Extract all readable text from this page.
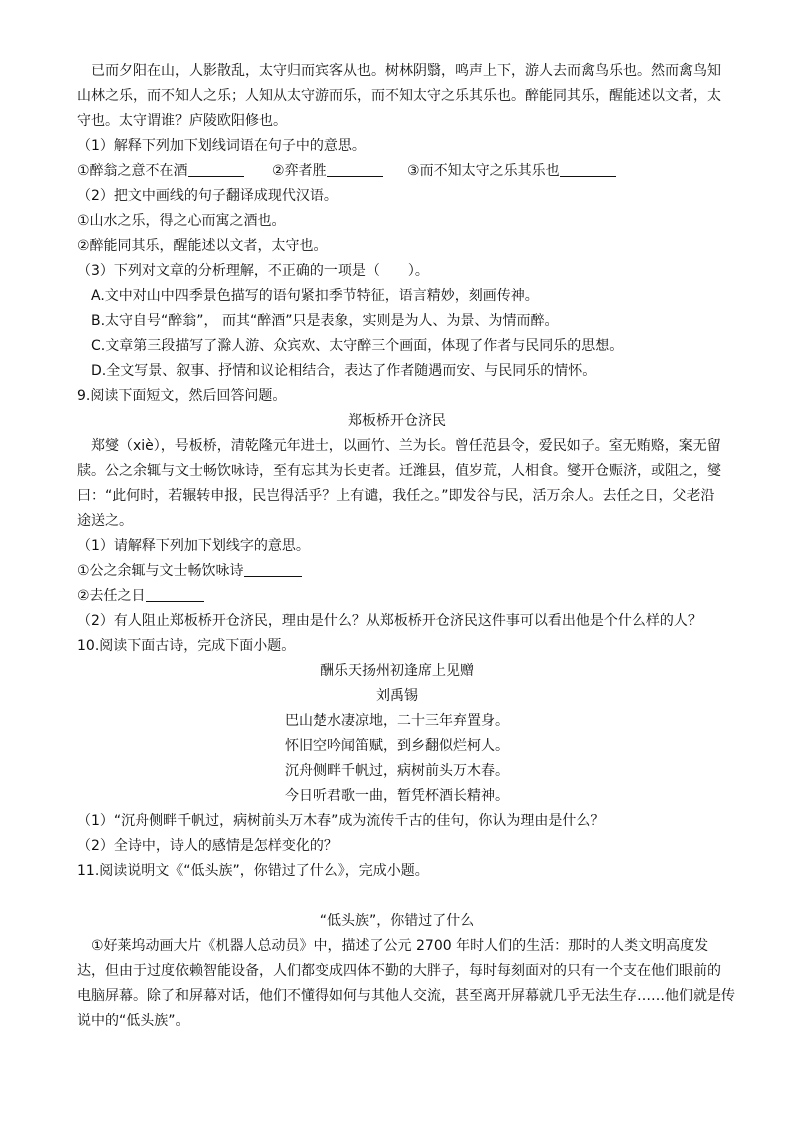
已而夕阳在山，人影散乱，太守归而宾客从也。树林阴翳，鸣声上下，游人去而禽鸟乐也。然而禽鸟知
山林之乐，而不知人之乐；人知从太守游而乐，而不知太守之乐其乐也。醉能同其乐，醒能述以文者，太
守也。太守谓谁？庐陵欧阳修也。
（1）解释下列加下划线词语在句子中的意思。
①醉翁之意不在酒	②弈者胜	③而不知太守之乐其乐也
（2）把文中画线的句子翻译成现代汉语。
①山水之乐，得之心而寓之酒也。
②醉能同其乐，醒能述以文者，太守也。
（3）下列对文章的分析理解，不正确的一项是（　　）。
A.文中对山中四季景色描写的语句紧扣季节特征，语言精妙，刻画传神。
B.太守自号“醉翁”， 而其“醉酒”只是表象，实则是为人、为景、为情而醉。
C.文章第三段描写了滁人游、众宾欢、太守醉三个画面，体现了作者与民同乐的思想。
D.全文写景、叙事、抒情和议论相结合，表达了作者随遇而安、与民同乐的情怀。
9.阅读下面短文，然后回答问题。
郑板桥开仓济民
郑燮（xiè），号板桥，清乾隆元年进士，以画竹、兰为长。曾任范县令，爱民如子。室无贿赂，案无留
牍。公之余辄与文士畅饮咏诗，至有忘其为长吏者。迁潍县，值岁荒，人相食。燮开仓赈济，或阻之，燮
曰：“此何时，若辗转申报，民岂得活乎？上有谴，我任之。”即发谷与民，活万余人。去任之日，父老沿
途送之。
（1）请解释下列加下划线字的意思。
①公之余辄与文士畅饮咏诗
②去任之日
（2）有人阻止郑板桥开仓济民，理由是什么？从郑板桥开仓济民这件事可以看出他是个什么样的人？
10.阅读下面古诗，完成下面小题。
酬乐天扬州初逢席上见赠
刘禹锡
巴山楚水凄凉地，二十三年弃置身。
怀旧空吟闻笛赋，到乡翻似烂柯人。
沉舟侧畔千帆过，病树前头万木春。
今日听君歌一曲，暂凭杯酒长精神。
（1）“沉舟侧畔千帆过，病树前头万木春”成为流传千古的佳句，你认为理由是什么？
（2）全诗中，诗人的感情是怎样变化的？
11.阅读说明文《“低头族”，你错过了什么》，完成小题。
“低头族”，你错过了什么
①好莱坞动画大片《机器人总动员》中，描述了公元 2700 年时人们的生活：那时的人类文明高度发
达，但由于过度依赖智能设备，人们都变成四体不勤的大胖子，每时每刻面对的只有一个支在他们眼前的
电脑屏幕。除了和屏幕对话，他们不懂得如何与其他人交流，甚至离开屏幕就几乎无法生存……他们就是传
说中的“低头族”。
